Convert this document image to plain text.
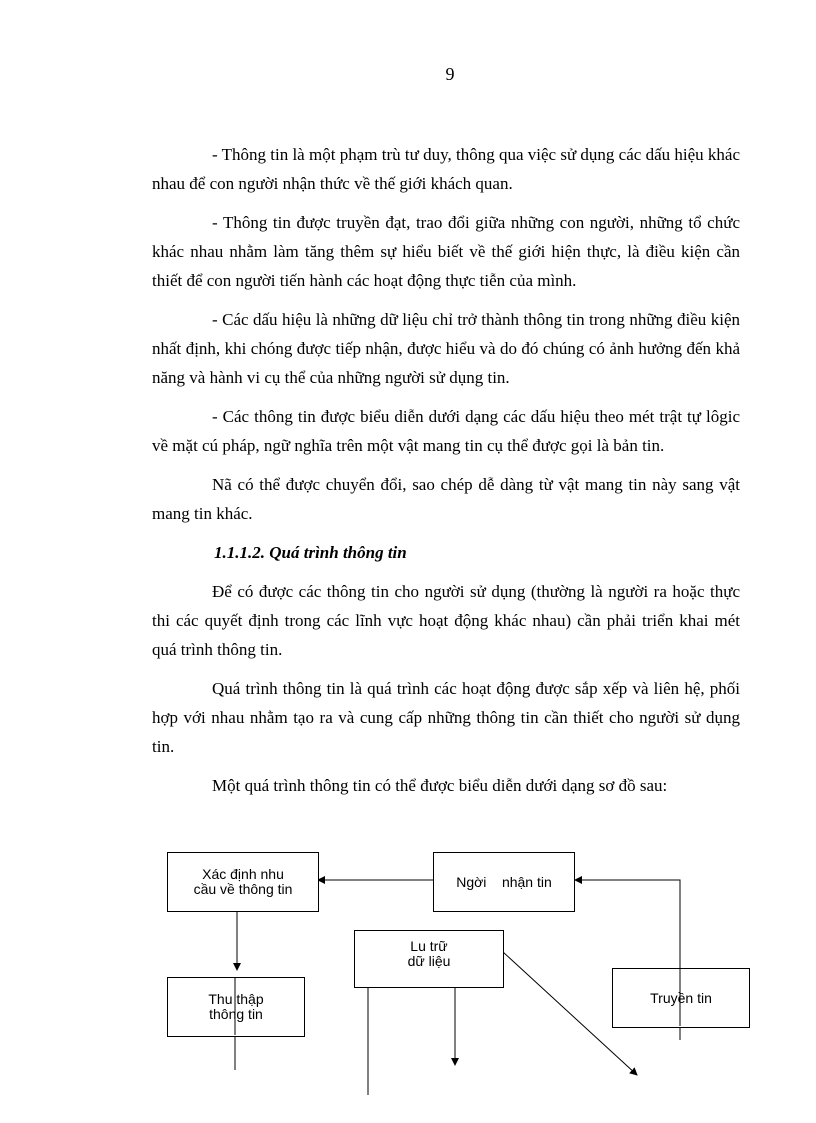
9

- Thông tin là một phạm trù tư duy, thông qua việc sử dụng các dấu hiệu khác nhau để con người nhận thức về thế giới khách quan.

- Thông tin được truyền đạt, trao đổi giữa những con người, những tổ chức khác nhau nhằm làm tăng thêm sự hiểu biết về thế giới hiện thực, là điều kiện cần thiết để con người tiến hành các hoạt động thực tiễn của mình.

- Các dấu hiệu là những dữ liệu chỉ trở thành thông tin trong những điều kiện nhất định, khi chóng được tiếp nhận, được hiểu và do đó chúng có ảnh hưởng đến khả năng và hành vi cụ thể của những người sử dụng tin.

- Các thông tin được biểu diễn dưới dạng các dấu hiệu theo mét trật tự lôgic về mặt cú pháp, ngữ nghĩa trên một vật mang tin cụ thể được gọi là bản tin.

Nã có thể được chuyển đổi, sao chép dễ dàng từ vật mang tin này sang vật mang tin khác.

1.1.1.2. Quá trình thông tin

Để có được các thông tin cho người sử dụng (thường là người ra hoặc thực thi các quyết định trong các lĩnh vực hoạt động khác nhau) cần phải triển khai mét quá trình thông tin.

Quá trình thông tin là quá trình các hoạt động được sắp xếp và liên hệ, phối hợp với nhau nhằm tạo ra và cung cấp những thông tin cần thiết cho người sử dụng tin.

Một quá trình thông tin có thể được biểu diễn dưới dạng sơ đồ sau:

Xác định nhu
cầu về thông tin	Ngời    nhận tin
Lu trữ
dữ liệu
Thu thập
thông tin
Truyền tin
